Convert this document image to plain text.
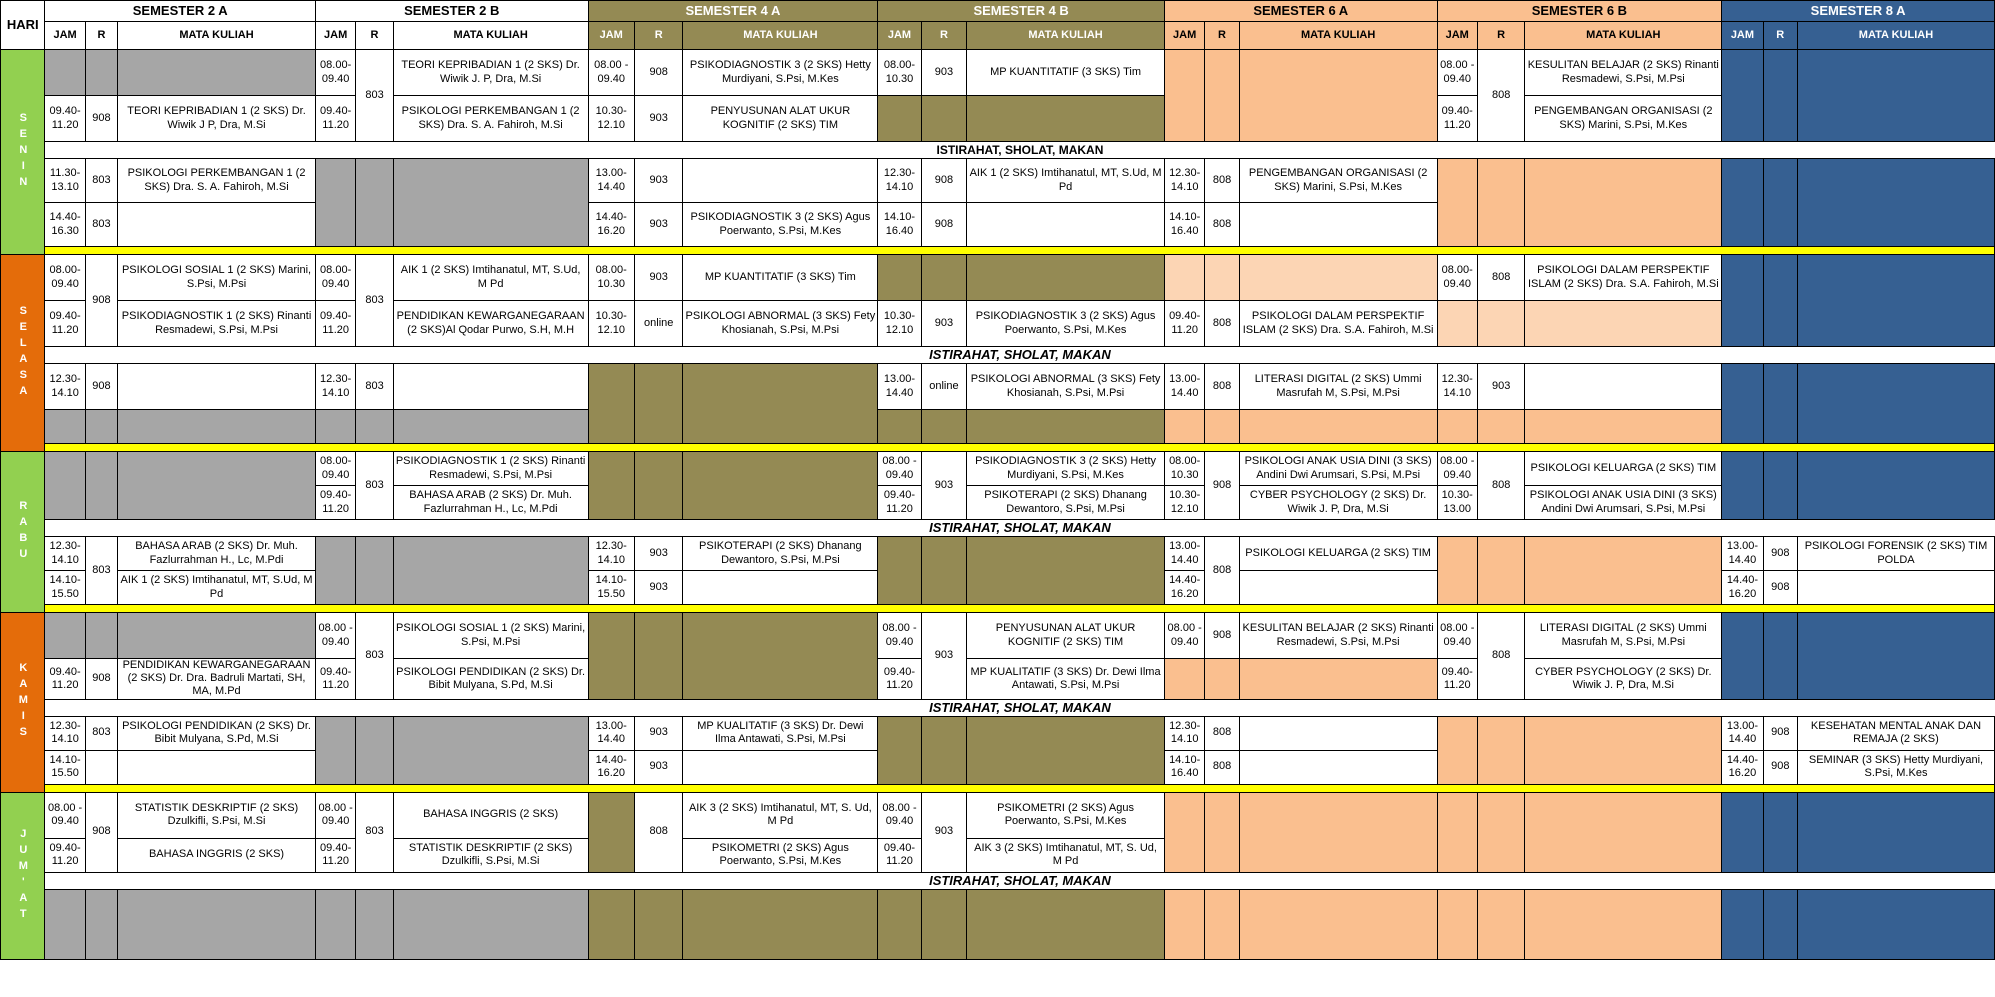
HARI	SEMESTER 2 A			SEMESTER 2 B			SEMESTER 4 A			SEMESTER 4 B			SEMESTER 6 A			SEMESTER 6 B			SEMESTER 8 A		
	JAM	R	MATA KULIAH	JAM	R	MATA KULIAH	JAM	R	MATA KULIAH	JAM	R	MATA KULIAH	JAM	R	MATA KULIAH	JAM	R	MATA KULIAH	JAM	R	MATA KULIAH
SENIN				08.00-09.40	803	TEORI KEPRIBADIAN 1 (2 SKS) Dr. Wiwik J. P, Dra, M.Si	08.00 - 09.40	908	PSIKODIAGNOSTIK 3 (2 SKS) Hetty Murdiyani, S.Psi, M.Kes	08.00-10.30	903	MP KUANTITATIF (3 SKS) Tim				08.00 - 09.40	808	KESULITAN BELAJAR (2 SKS) Rinanti Resmadewi, S.Psi, M.Psi			
	09.40-11.20	908	TEORI KEPRIBADIAN 1 (2 SKS) Dr. Wiwik J P, Dra, M.Si	09.40-11.20		PSIKOLOGI PERKEMBANGAN 1 (2 SKS) Dra. S. A. Fahiroh, M.Si	10.30-12.10	903	PENYUSUNAN ALAT UKUR KOGNITIF (2 SKS) TIM							09.40-11.20		PENGEMBANGAN ORGANISASI (2 SKS) Marini, S.Psi, M.Kes			
	ISTIRAHAT, SHOLAT, MAKAN																				
	11.30-13.10	803	PSIKOLOGI PERKEMBANGAN 1 (2 SKS) Dra. S. A. Fahiroh, M.Si				13.00-14.40	903		12.30-14.10	908	AIK 1 (2 SKS) Imtihanatul, MT, S.Ud, M Pd	12.30-14.10	808	PENGEMBANGAN ORGANISASI (2 SKS) Marini, S.Psi, M.Kes						
	14.40-16.30	803					14.40-16.20	903	PSIKODIAGNOSTIK 3 (2 SKS) Agus Poerwanto, S.Psi, M.Kes	14.10-16.40	908		14.10-16.40	808							

SELASA	08.00-09.40	908	PSIKOLOGI SOSIAL 1 (2 SKS) Marini, S.Psi, M.Psi	08.00-09.40	803	AIK 1 (2 SKS) Imtihanatul, MT, S.Ud, M Pd	08.00-10.30	903	MP KUANTITATIF (3 SKS) Tim							08.00-09.40	808	PSIKOLOGI DALAM PERSPEKTIF ISLAM (2 SKS) Dra. S.A. Fahiroh, M.Si			
	09.40-11.20		PSIKODIAGNOSTIK 1 (2 SKS) Rinanti Resmadewi, S.Psi, M.Psi	09.40-11.20		PENDIDIKAN KEWARGANEGARAAN (2 SKS)Al Qodar Purwo, S.H, M.H	10.30-12.10	online	PSIKOLOGI ABNORMAL (3 SKS) Fety Khosianah, S.Psi, M.Psi	10.30-12.10	903	PSIKODIAGNOSTIK 3 (2 SKS) Agus Poerwanto, S.Psi, M.Kes	09.40-11.20	808	PSIKOLOGI DALAM PERSPEKTIF ISLAM (2 SKS) Dra. S.A. Fahiroh, M.Si						
	ISTIRAHAT, SHOLAT, MAKAN																				
	12.30-14.10	908		12.30-14.10	803					13.00-14.40	online	PSIKOLOGI ABNORMAL (3 SKS) Fety Khosianah, S.Psi, M.Psi	13.00-14.40	808	LITERASI DIGITAL (2 SKS) Ummi Masrufah M, S.Psi, M.Psi	12.30-14.10	903				

RABU				08.00-09.40	803	PSIKODIAGNOSTIK 1 (2 SKS) Rinanti Resmadewi, S.Psi, M.Psi				08.00 - 09.40	903	PSIKODIAGNOSTIK 3 (2 SKS) Hetty Murdiyani, S.Psi, M.Kes	08.00-10.30	908	PSIKOLOGI ANAK USIA DINI (3 SKS) Andini Dwi Arumsari, S.Psi, M.Psi	08.00 - 09.40	808	PSIKOLOGI KELUARGA (2 SKS) TIM			
				09.40-11.20		BAHASA ARAB (2 SKS) Dr. Muh. Fazlurrahman H., Lc, M.Pdi				09.40-11.20		PSIKOTERAPI (2 SKS) Dhanang Dewantoro, S.Psi, M.Psi	10.30-12.10		CYBER PSYCHOLOGY (2 SKS) Dr. Wiwik J. P, Dra, M.Si	10.30-13.00		PSIKOLOGI ANAK USIA DINI (3 SKS) Andini Dwi Arumsari, S.Psi, M.Psi			
	ISTIRAHAT, SHOLAT, MAKAN																				
	12.30-14.10	803	BAHASA ARAB (2 SKS) Dr. Muh. Fazlurrahman H., Lc, M.Pdi				12.30-14.10	903	PSIKOTERAPI (2 SKS) Dhanang Dewantoro, S.Psi, M.Psi				13.00-14.40	808	PSIKOLOGI KELUARGA (2 SKS) TIM				13.00-14.40	908	PSIKOLOGI FORENSIK (2 SKS) TIM POLDA
	14.10-15.50		AIK 1 (2 SKS) Imtihanatul, MT, S.Ud, M Pd				14.10-15.50	903					14.40-16.20						14.40-16.20	908	

KAMIS				08.00 - 09.40	803	PSIKOLOGI SOSIAL 1 (2 SKS) Marini, S.Psi, M.Psi				08.00 - 09.40	903	PENYUSUNAN ALAT UKUR KOGNITIF (2 SKS) TIM	08.00 - 09.40	908	KESULITAN BELAJAR (2 SKS) Rinanti Resmadewi, S.Psi, M.Psi	08.00 - 09.40	808	LITERASI DIGITAL (2 SKS) Ummi Masrufah M, S.Psi, M.Psi			
	09.40-11.20	908	PENDIDIKAN KEWARGANEGARAAN (2 SKS) Dr. Dra. Badruli Martati, SH, MA, M.Pd	09.40-11.20		PSIKOLOGI PENDIDIKAN (2 SKS) Dr. Bibit Mulyana, S.Pd, M.Si				09.40-11.20		MP KUALITATIF (3 SKS) Dr. Dewi Ilma Antawati, S.Psi, M.Psi				09.40-11.20		CYBER PSYCHOLOGY (2 SKS) Dr. Wiwik J. P, Dra, M.Si			
	ISTIRAHAT, SHOLAT, MAKAN																				
	12.30-14.10	803	PSIKOLOGI PENDIDIKAN (2 SKS) Dr. Bibit Mulyana, S.Pd, M.Si				13.00-14.40	903	MP KUALITATIF (3 SKS) Dr. Dewi Ilma Antawati, S.Psi, M.Psi				12.30-14.10	808					13.00-14.40	908	KESEHATAN MENTAL ANAK DAN REMAJA (2 SKS)
	14.10-15.50						14.40-16.20	903					14.10-16.40	808					14.40-16.20	908	SEMINAR (3 SKS) Hetty Murdiyani, S.Psi, M.Kes

JUM'AT	08.00 - 09.40	908	STATISTIK DESKRIPTIF (2 SKS) Dzulkifli, S.Psi, M.Si	08.00 - 09.40	803	BAHASA INGGRIS (2 SKS)		808	AIK 3 (2 SKS) Imtihanatul, MT, S. Ud, M Pd	08.00 - 09.40	903	PSIKOMETRI (2 SKS) Agus Poerwanto, S.Psi, M.Kes									
	09.40-11.20		BAHASA INGGRIS (2 SKS)	09.40-11.20		STATISTIK DESKRIPTIF (2 SKS) Dzulkifli, S.Psi, M.Si			PSIKOMETRI (2 SKS) Agus Poerwanto, S.Psi, M.Kes	09.40-11.20		AIK 3 (2 SKS) Imtihanatul, MT, S. Ud, M Pd									
	ISTIRAHAT, SHOLAT, MAKAN																				
